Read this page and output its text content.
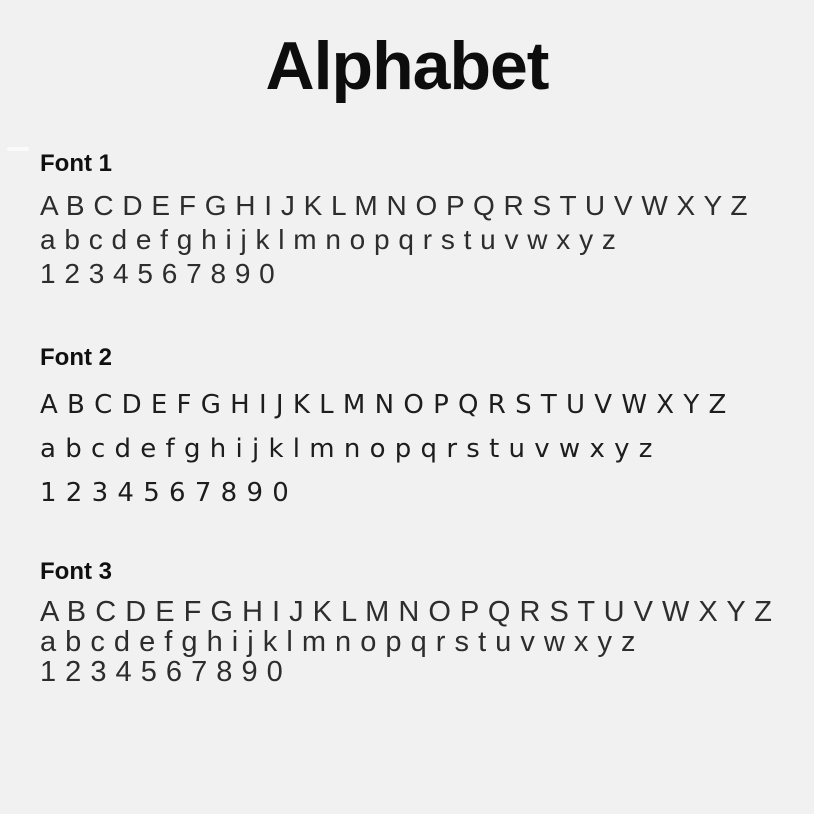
Alphabet
Font 1
A B C D E F G H I J K L M N O P Q R S T U V W X Y Z
a b c d e f g h i j k l m n o p q r s t u v w x y z
1 2 3 4 5 6 7 8 9 0
Font 2
A B C D E F G H I J K L M N O P Q R S T U V W X Y Z
a b c d e f g h i j k l m n o p q r s t u v w x y z
1 2 3 4 5 6 7 8 9 0
Font 3
A B C D E F G H I J K L M N O P Q R S T U V W X Y Z
a b c d e f g h i j k l m n o p q r s t u v w x y z
1 2 3 4 5 6 7 8 9 0
